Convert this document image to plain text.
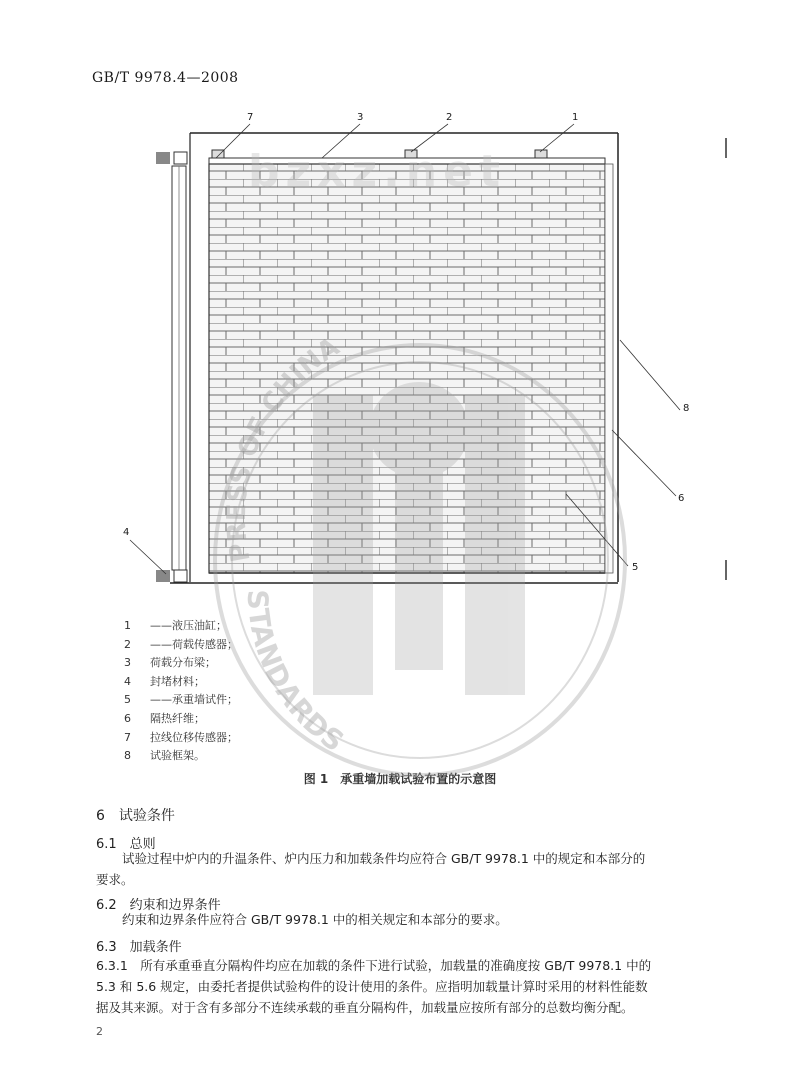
GB/T 9978.4—2008
7	3	2	1
4
8
6
5
1 ——液压油缸；
2 ——荷载传感器；
3 荷载分布梁；
4 封堵材料；
5 ——承重墙试件；
6 隔热纤维；
7 拉线位移传感器；
8 试验框架。
图 1　承重墙加载试验布置的示意图
6　试验条件
6.1　总则
试验过程中炉内的升温条件、炉内压力和加载条件均应符合 GB/T 9978.1 中的规定和本部分的
要求。
6.2　约束和边界条件
约束和边界条件应符合 GB/T 9978.1 中的相关规定和本部分的要求。
6.3　加载条件
6.3.1　所有承重垂直分隔构件均应在加载的条件下进行试验，加载量的准确度按 GB/T 9978.1 中的
5.3 和 5.6 规定，由委托者提供试验构件的设计使用的条件。应指明加载量计算时采用的材料性能数
据及其来源。对于含有多部分不连续承载的垂直分隔构件，加载量应按所有部分的总数均衡分配。
2
PRESS OF CHINA
STANDARDS
bzxz.net
